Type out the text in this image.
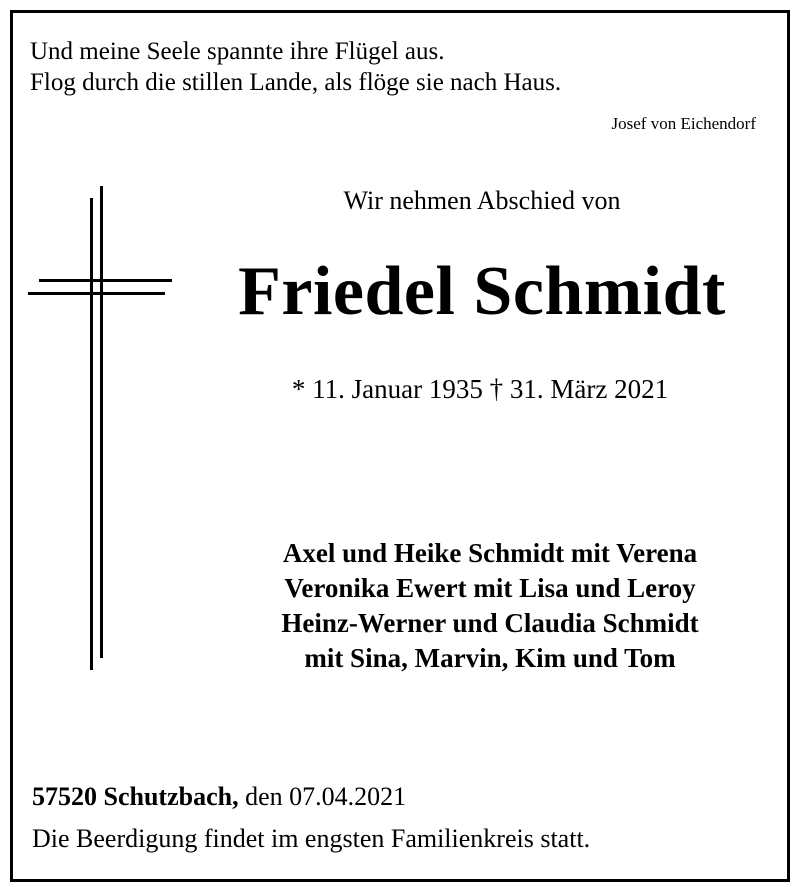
Und meine Seele spannte ihre Flügel aus.
Flog durch die stillen Lande, als flöge sie nach Haus.
Josef von Eichendorf
Wir nehmen Abschied von
Friedel Schmidt
* 11. Januar 1935 † 31. März 2021
Axel und Heike Schmidt mit Verena
Veronika Ewert mit Lisa und Leroy
Heinz-Werner und Claudia Schmidt
mit Sina, Marvin, Kim und Tom
57520 Schutzbach, den 07.04.2021
Die Beerdigung findet im engsten Familienkreis statt.
